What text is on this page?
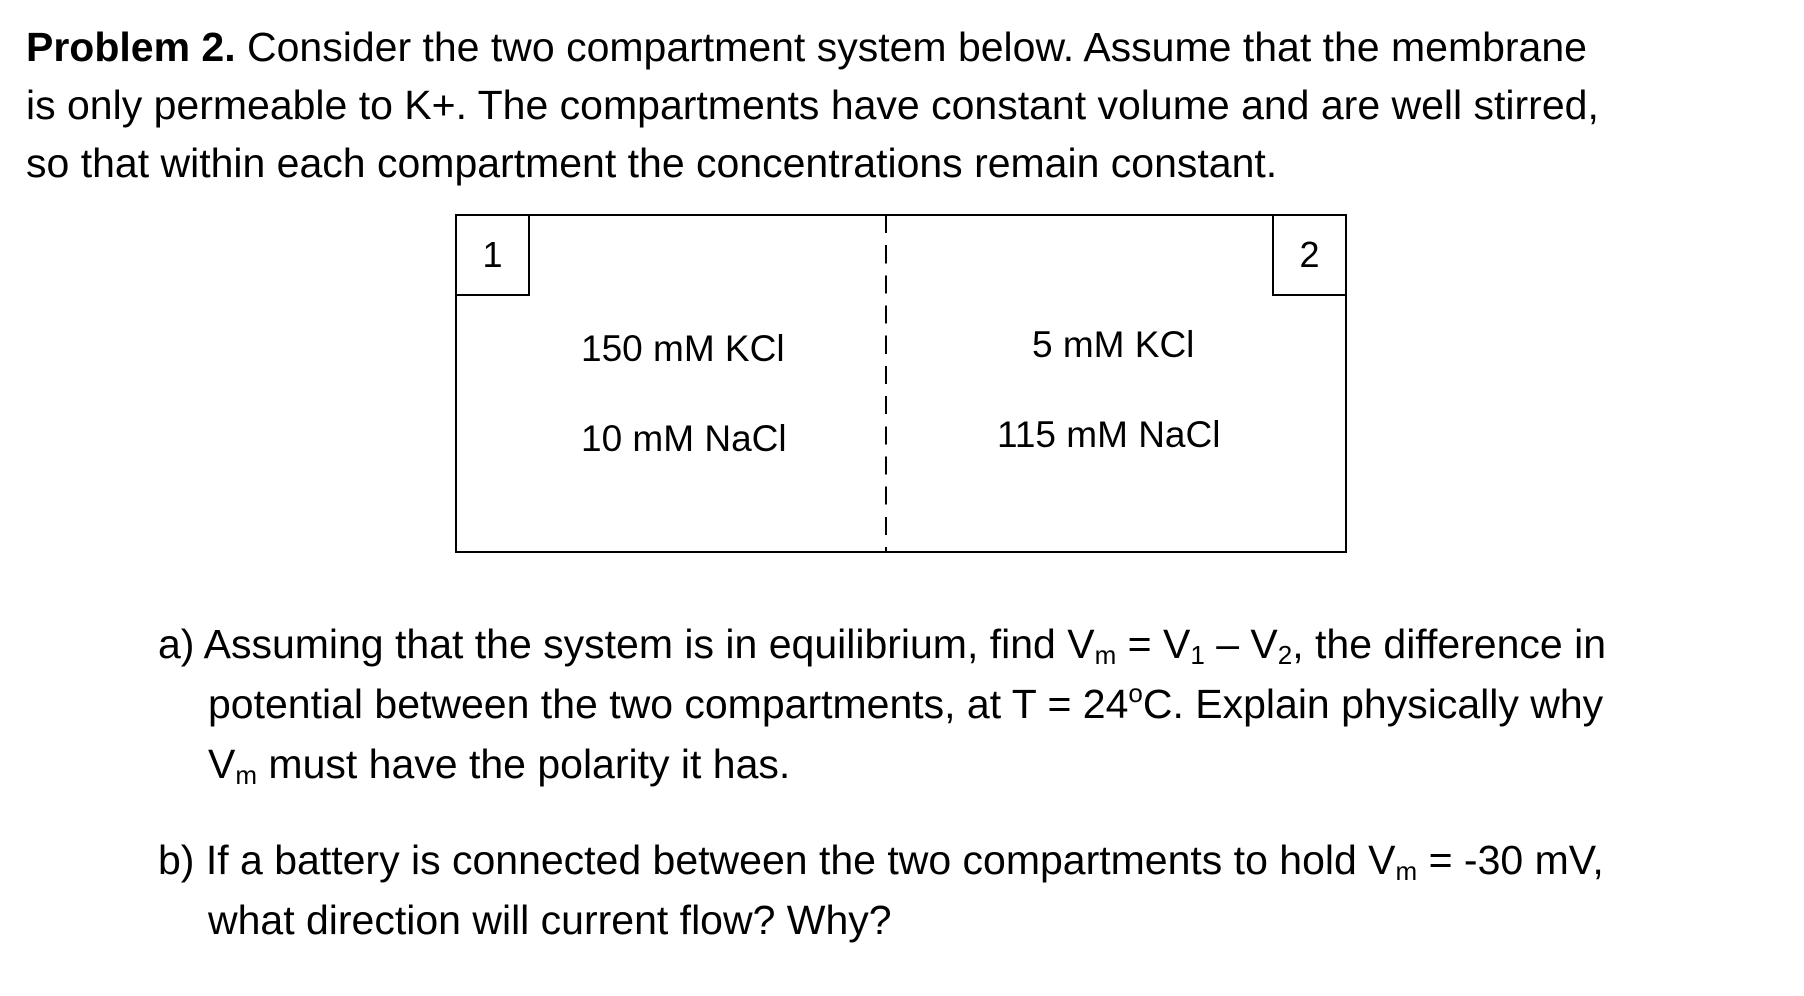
Problem 2. Consider the two compartment system below. Assume that the membrane
is only permeable to K+. The compartments have constant volume and are well stirred,
so that within each compartment the concentrations remain constant.
1	2
150 mM KCl
10 mM NaCl
5 mM KCl
115 mM NaCl
a) Assuming that the system is in equilibrium, find $V_m = V_1 - V_2$, the difference in
potential between the two compartments, at $T = 24^oC$. Explain physically why
$V_m$ must have the polarity it has.
b) If a battery is connected between the two compartments to hold $V_m = -30$ mV,
what direction will current flow? Why?
